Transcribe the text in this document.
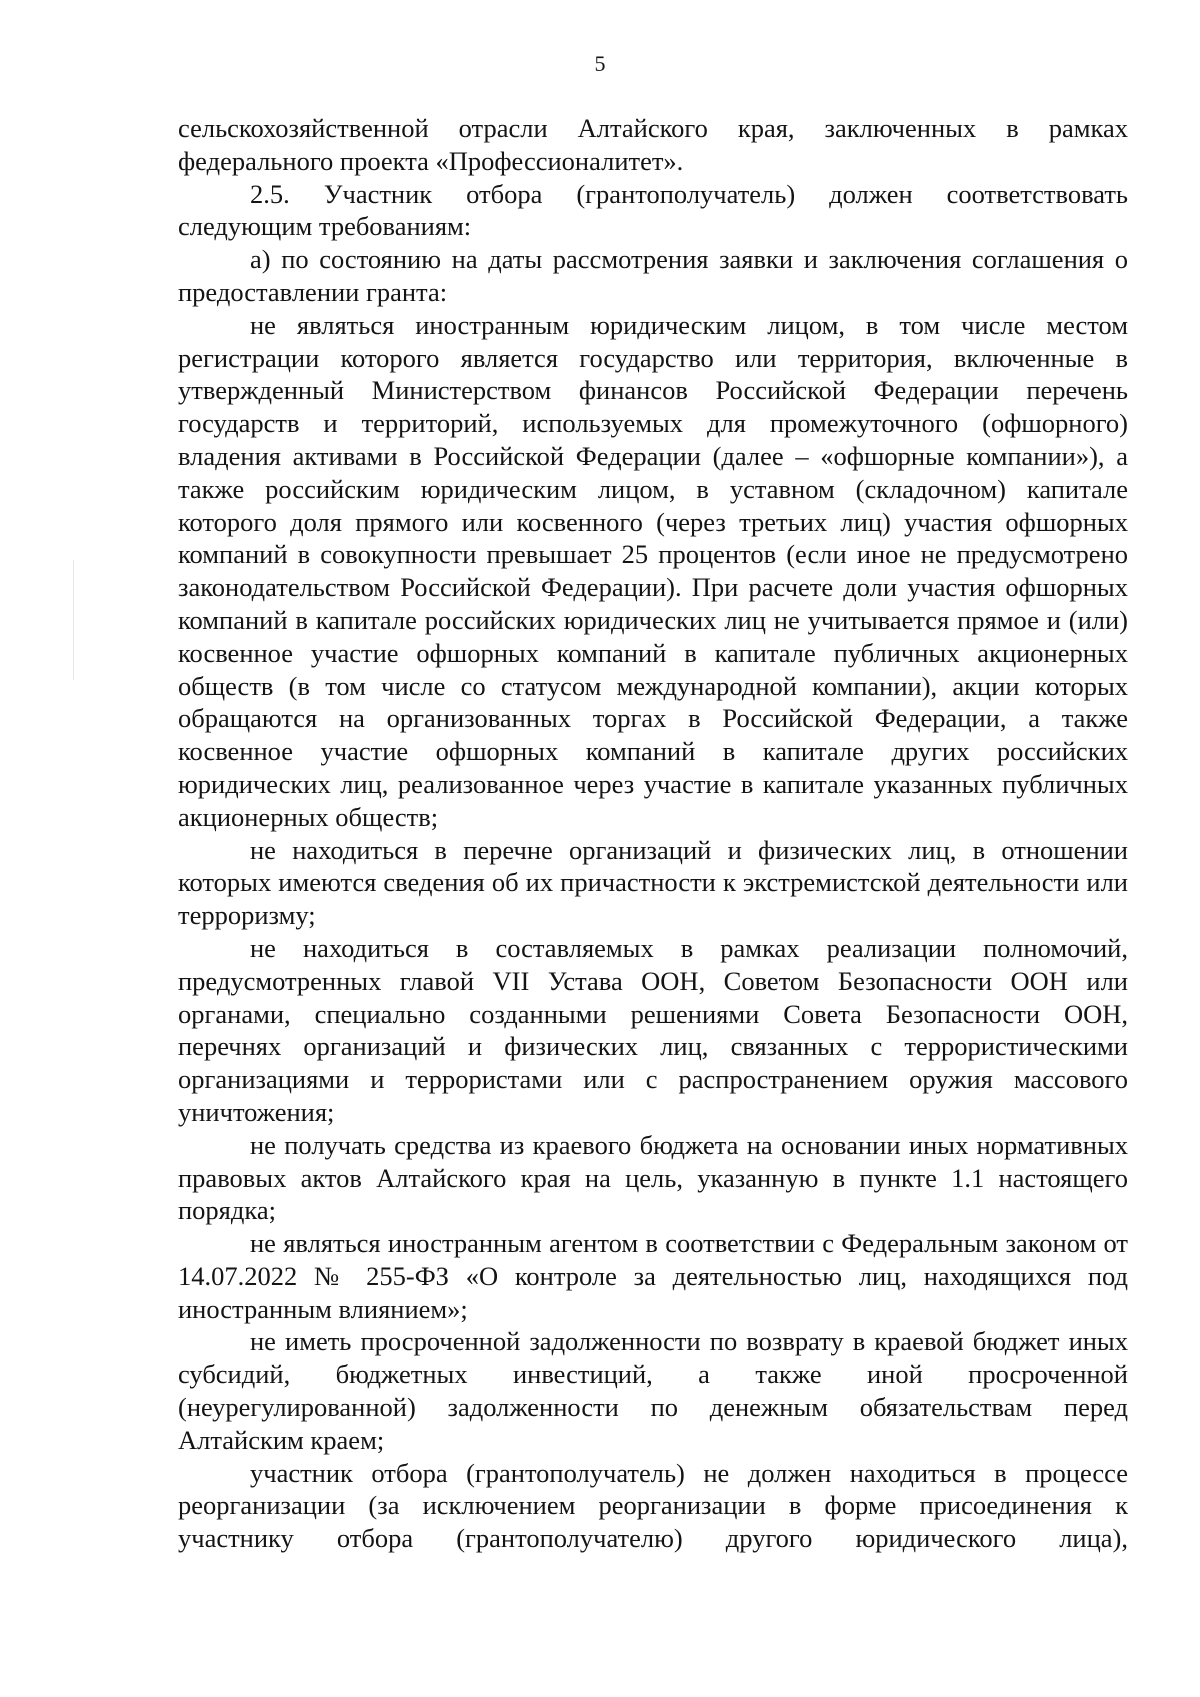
5

сельскохозяйственной отрасли Алтайского края, заключенных в рамках федерального проекта «Профессионалитет».

2.5. Участник отбора (грантополучатель) должен соответствовать следующим требованиям:

а) по состоянию на даты рассмотрения заявки и заключения соглашения о предоставлении гранта:

не являться иностранным юридическим лицом, в том числе местом регистрации которого является государство или территория, включенные в утвержденный Министерством финансов Российской Федерации перечень государств и территорий, используемых для промежуточного (офшорного) владения активами в Российской Федерации (далее – «офшорные компании»), а также российским юридическим лицом, в уставном (складочном) капитале которого доля прямого или косвенного (через третьих лиц) участия офшорных компаний в совокупности превышает 25 процентов (если иное не предусмотрено законодательством Российской Федерации). При расчете доли участия офшорных компаний в капитале российских юридических лиц не учитывается прямое и (или) косвенное участие офшорных компаний в капитале публичных акционерных обществ (в том числе со статусом международной компании), акции которых обращаются на организованных торгах в Российской Федерации, а также косвенное участие офшорных компаний в капитале других российских юридических лиц, реализованное через участие в капитале указанных публичных акционерных обществ;

не находиться в перечне организаций и физических лиц, в отношении которых имеются сведения об их причастности к экстремистской деятельности или терроризму;

не находиться в составляемых в рамках реализации полномочий, предусмотренных главой VII Устава ООН, Советом Безопасности ООН или органами, специально созданными решениями Совета Безопасности ООН, перечнях организаций и физических лиц, связанных с террористическими организациями и террористами или с распространением оружия массового уничтожения;

не получать средства из краевого бюджета на основании иных нормативных правовых актов Алтайского края на цель, указанную в пункте 1.1 настоящего порядка;

не являться иностранным агентом в соответствии с Федеральным законом от 14.07.2022 № 255-ФЗ «О контроле за деятельностью лиц, находящихся под иностранным влиянием»;

не иметь просроченной задолженности по возврату в краевой бюджет иных субсидий, бюджетных инвестиций, а также иной просроченной (неурегулированной) задолженности по денежным обязательствам перед Алтайским краем;

участник отбора (грантополучатель) не должен находиться в процессе реорганизации (за исключением реорганизации в форме присоединения к участнику отбора (грантополучателю) другого юридического лица),
